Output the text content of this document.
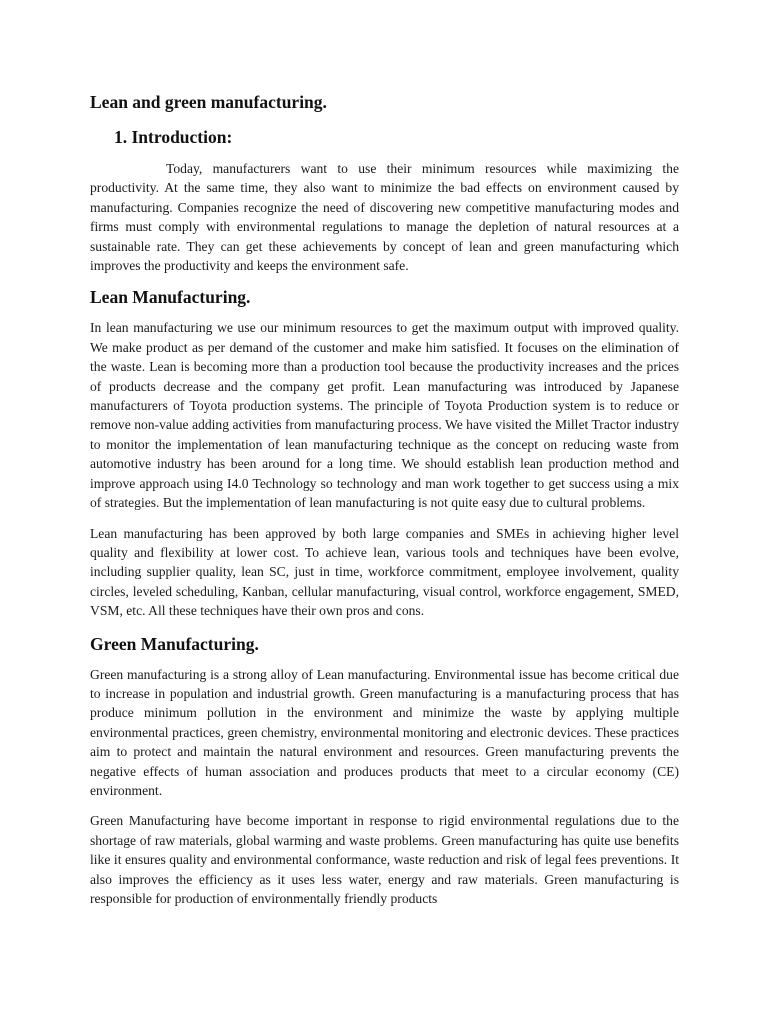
Lean and green manufacturing.
1. Introduction:

Today, manufacturers want to use their minimum resources while maximizing the productivity. At the same time, they also want to minimize the bad effects on environment caused by manufacturing. Companies recognize the need of discovering new competitive manufacturing modes and firms must comply with environmental regulations to manage the depletion of natural resources at a sustainable rate. They can get these achievements by concept of lean and green manufacturing which improves the productivity and keeps the environment safe.

Lean Manufacturing.

In lean manufacturing we use our minimum resources to get the maximum output with improved quality. We make product as per demand of the customer and make him satisfied. It focuses on the elimination of the waste. Lean is becoming more than a production tool because the productivity increases and the prices of products decrease and the company get profit. Lean manufacturing was introduced by Japanese manufacturers of Toyota production systems. The principle of Toyota Production system is to reduce or remove non-value adding activities from manufacturing process. We have visited the Millet Tractor industry to monitor the implementation of lean manufacturing technique as the concept on reducing waste from automotive industry has been around for a long time. We should establish lean production method and improve approach using I4.0 Technology so technology and man work together to get success using a mix of strategies. But the implementation of lean manufacturing is not quite easy due to cultural problems.

Lean manufacturing has been approved by both large companies and SMEs in achieving higher level quality and flexibility at lower cost. To achieve lean, various tools and techniques have been evolve, including supplier quality, lean SC, just in time, workforce commitment, employee involvement, quality circles, leveled scheduling, Kanban, cellular manufacturing, visual control, workforce engagement, SMED, VSM, etc. All these techniques have their own pros and cons.

Green Manufacturing.

Green manufacturing is a strong alloy of Lean manufacturing. Environmental issue has become critical due to increase in population and industrial growth. Green manufacturing is a manufacturing process that has produce minimum pollution in the environment and minimize the waste by applying multiple environmental practices, green chemistry, environmental monitoring and electronic devices. These practices aim to protect and maintain the natural environment and resources. Green manufacturing prevents the negative effects of human association and produces products that meet to a circular economy (CE) environment.

Green Manufacturing have become important in response to rigid environmental regulations due to the shortage of raw materials, global warming and waste problems. Green manufacturing has quite use benefits like it ensures quality and environmental conformance, waste reduction and risk of legal fees preventions. It also improves the efficiency as it uses less water, energy and raw materials. Green manufacturing is responsible for production of environmentally friendly products
